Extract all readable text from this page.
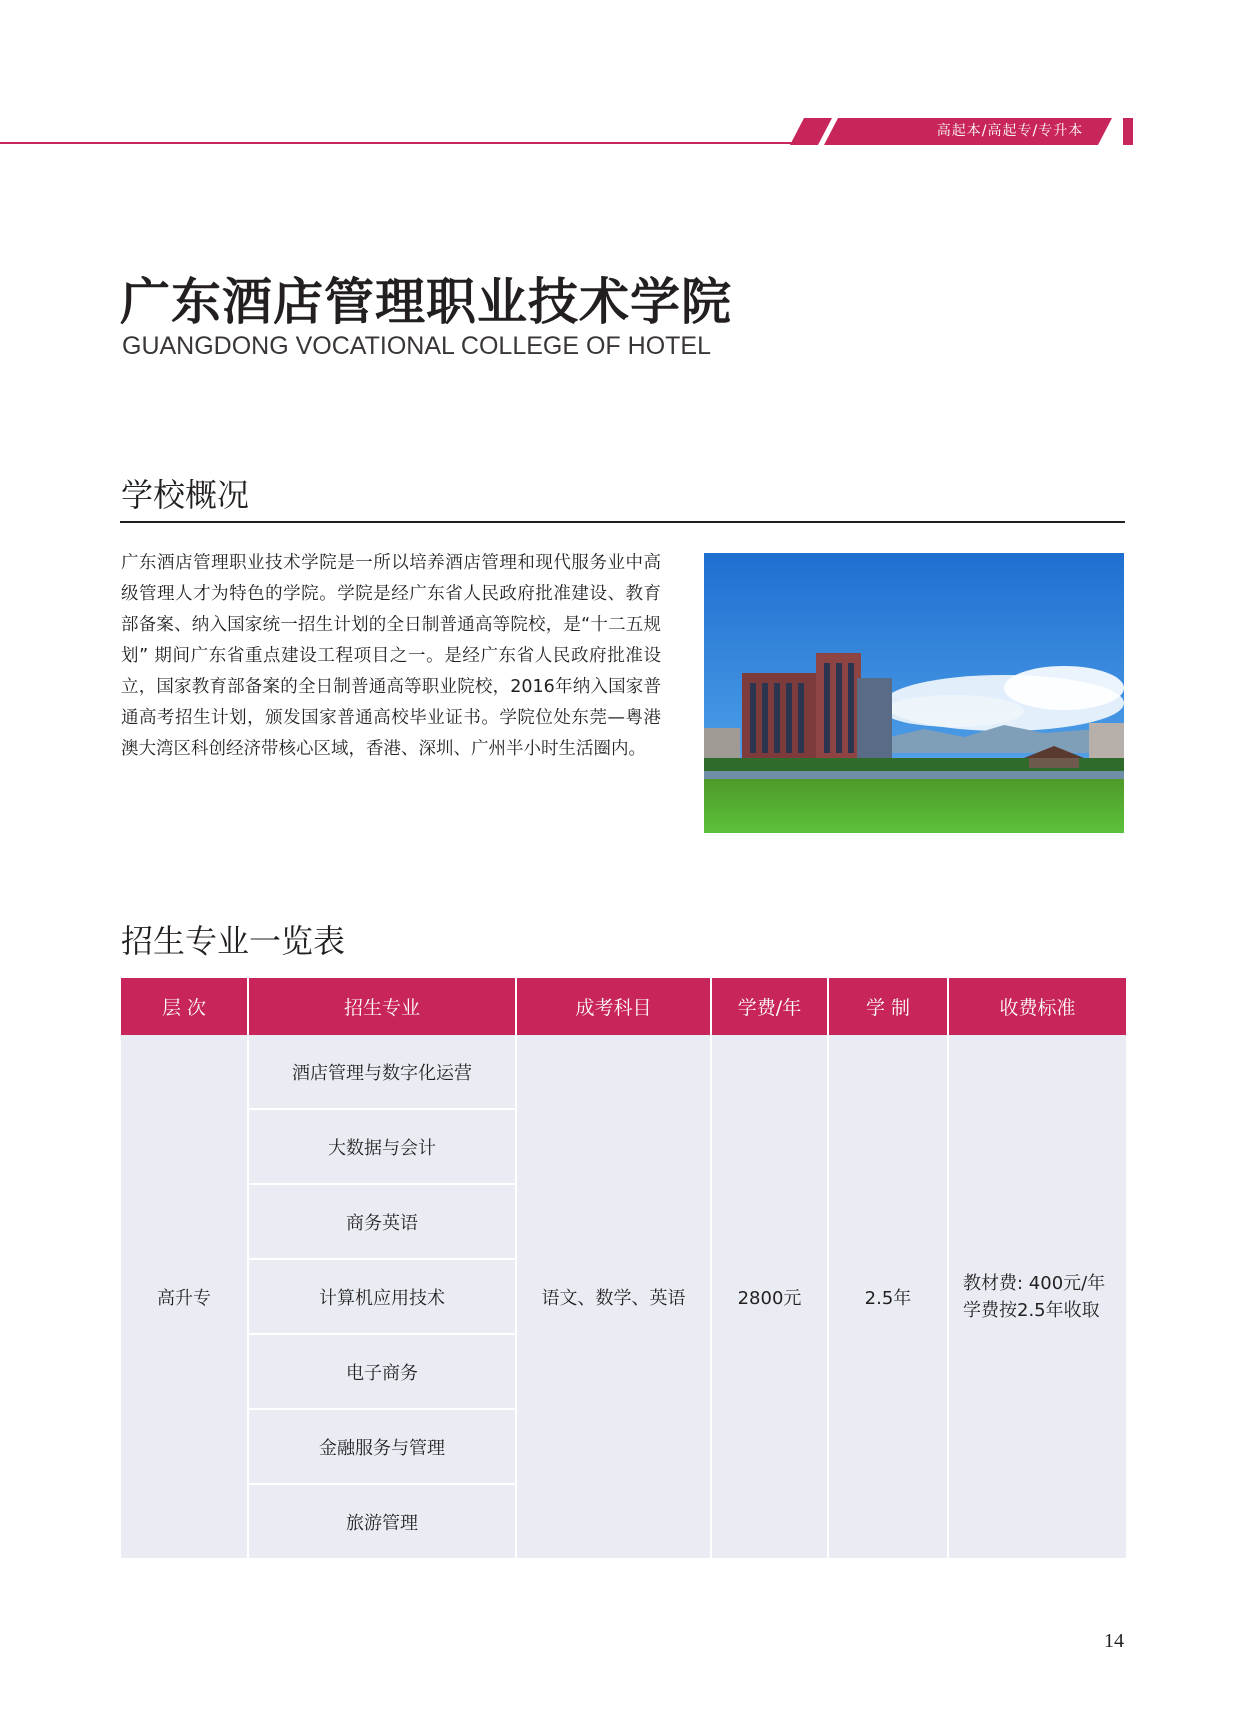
高起本/高起专/专升本
广东酒店管理职业技术学院

GUANGDONG VOCATIONAL COLLEGE OF HOTEL

学校概况

广东酒店管理职业技术学院是一所以培养酒店管理和现代服务业中高级管理人才为特色的学院。学院是经广东省人民政府批准建设、教育部备案、纳入国家统一招生计划的全日制普通高等院校，是“十二五规划” 期间广东省重点建设工程项目之一。是经广东省人民政府批准设立，国家教育部备案的全日制普通高等职业院校，2016年纳入国家普通高考招生计划，颁发国家普通高校毕业证书。学院位处东莞—粤港澳大湾区科创经济带核心区域，香港、深圳、广州半小时生活圈内。

招生专业一览表
层 次	招生专业	成考科目	学费/年	学 制	收费标准
高升专	酒店管理与数字化运营	语文、数学、英语	2800元	2.5年	教材费: 400元/年
学费按2.5年收取

	大数据与会计				
	商务英语				
	计算机应用技术				
	电子商务				
	金融服务与管理				
	旅游管理				

14
